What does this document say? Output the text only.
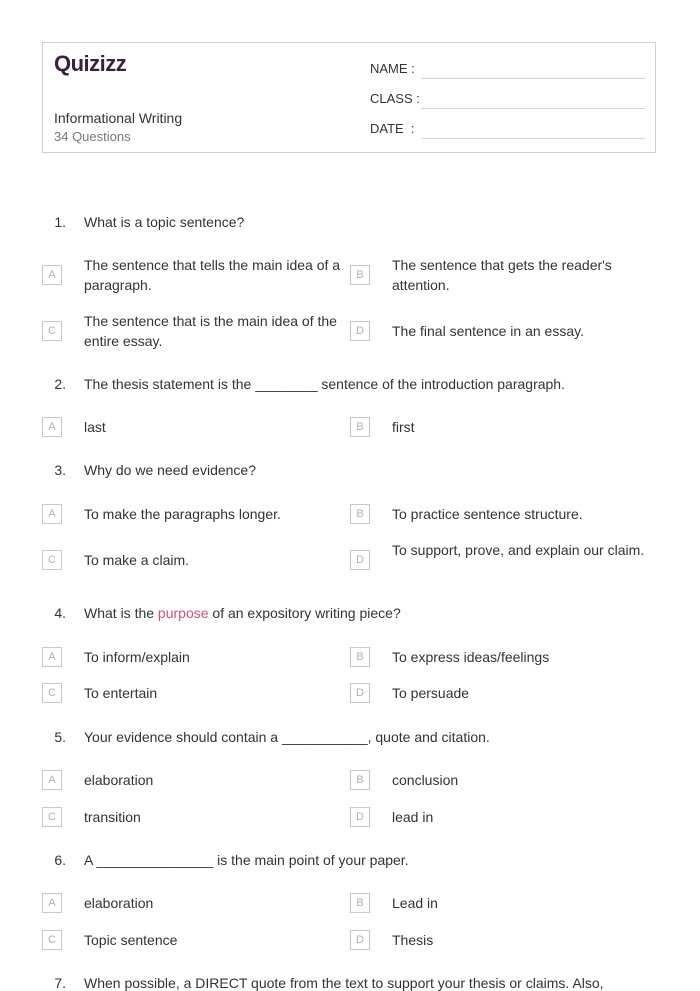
Quizizz
Informational Writing
34 Questions
NAME :
CLASS :
DATE  :
1. What is a topic sentence?
A
The sentence that tells the main idea of a paragraph.
B
The sentence that gets the reader's attention.
C
The sentence that is the main idea of the entire essay.
D	The final sentence in an essay.
2. The thesis statement is the ________ sentence of the introduction paragraph.
A	last	B	first
3. Why do we need evidence?
A	To make the paragraphs longer.	B	To practice sentence structure.
C	To make a claim.	D
To support, prove, and explain our claim.
4. What is the purpose of an expository writing piece?
A	To inform/explain	B	To express ideas/feelings
C	To entertain	D	To persuade
5. Your evidence should contain a ___________, quote and citation.
A	elaboration	B	conclusion
C	transition	D	lead in
6. A _______________ is the main point of your paper.
A	elaboration	B	Lead in
C	Topic sentence	D	Thesis
7. When possible, a DIRECT quote from the text to support your thesis or claims. Also,
